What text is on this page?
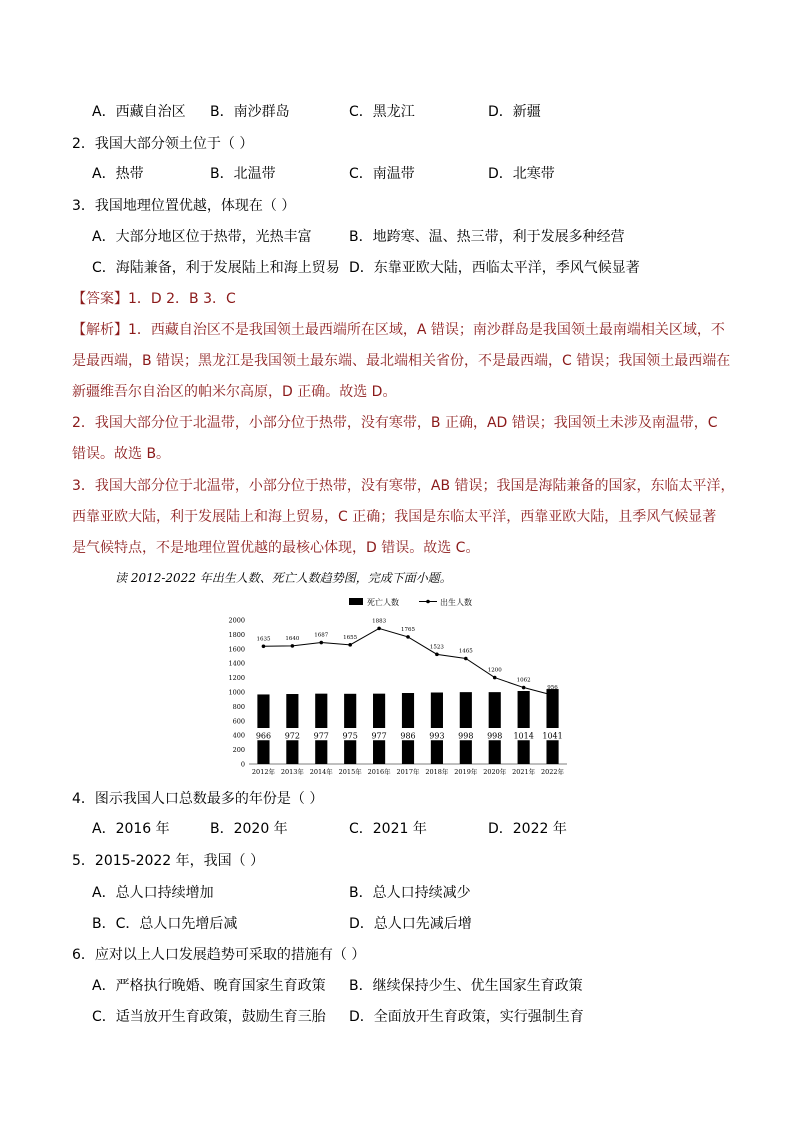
A．西藏自治区 B．南沙群岛	C．黑龙江	D．新疆
2．我国大部分领土位于（ ）
A．热带	B．北温带	C．南温带	D．北寒带
3．我国地理位置优越，体现在（ ）
A．大部分地区位于热带，光热丰富	B．地跨寒、温、热三带，利于发展多种经营
C．海陆兼备，利于发展陆上和海上贸易 D．东靠亚欧大陆，西临太平洋，季风气候显著
【答案】1．D 2．B 3．C
【解析】1．西藏自治区不是我国领土最西端所在区域，A 错误；南沙群岛是我国领土最南端相关区域，不
是最西端，B 错误；黑龙江是我国领土最东端、最北端相关省份，不是最西端，C 错误；我国领土最西端在
新疆维吾尔自治区的帕米尔高原，D 正确。故选 D。
2．我国大部分位于北温带，小部分位于热带，没有寒带，B 正确，AD 错误；我国领土未涉及南温带，C
错误。故选 B。
3．我国大部分位于北温带，小部分位于热带，没有寒带，AB 错误；我国是海陆兼备的国家，东临太平洋，
西靠亚欧大陆，利于发展陆上和海上贸易，C 正确；我国是东临太平洋，西靠亚欧大陆，且季风气候显著
是气候特点，不是地理位置优越的最核心体现，D 错误。故选 C。
读 2012-2022 年出生人数、死亡人数趋势图，完成下面小题。
死亡人数	出生人数
0
200
400
600
800
1000
1200
1400
1600
1800
2000
966 972 977 975 977 986 993 998 998 1014 1041
1635	1640
1687	1655
1883
1765
1523
1465
1200
1062
956
2012年 2013年 2014年 2015年 2016年 2017年 2018年 2019年 2020年 2021年 2022年
4．图示我国人口总数最多的年份是（ ）
A．2016 年	B．2020 年	C．2021 年	D．2022 年
5．2015-2022 年，我国（ ）
A．总人口持续增加	B．总人口持续减少
B．C．总人口先增后减	D．总人口先减后增
6．应对以上人口发展趋势可采取的措施有（ ）
A．严格执行晚婚、晚育国家生育政策 B．继续保持少生、优生国家生育政策
C．适当放开生育政策，鼓励生育三胎 D．全面放开生育政策，实行强制生育
